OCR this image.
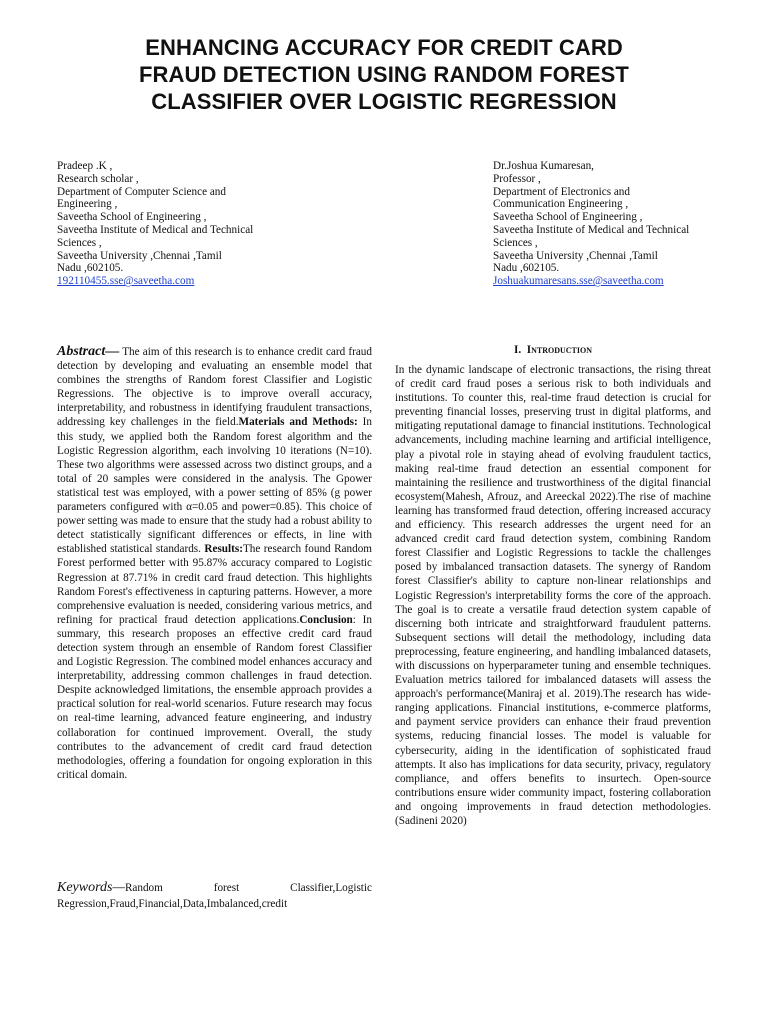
ENHANCING ACCURACY FOR CREDIT CARD
FRAUD DETECTION USING RANDOM FOREST
CLASSIFIER OVER LOGISTIC REGRESSION
Pradeep .K ,
Research scholar ,
Department of Computer Science and
Engineering ,
Saveetha School of Engineering ,
Saveetha Institute of Medical and Technical
Sciences ,
Saveetha University ,Chennai ,Tamil
Nadu ,602105.
192110455.sse@saveetha.com
Dr.Joshua Kumaresan,
Professor ,
Department of Electronics and
Communication Engineering ,
Saveetha School of Engineering ,
Saveetha Institute of Medical and Technical
Sciences ,
Saveetha University ,Chennai ,Tamil
Nadu ,602105.
Joshuakumaresans.sse@saveetha.com

Abstract— The aim of this research is to enhance credit card fraud detection by developing and evaluating an ensemble model that combines the strengths of Random forest Classifier and Logistic Regressions. The objective is to improve overall accuracy, interpretability, and robustness in identifying fraudulent transactions, addressing key challenges in the field.Materials and Methods: In this study, we applied both the Random forest algorithm and the Logistic Regression algorithm, each involving 10 iterations (N=10). These two algorithms were assessed across two distinct groups, and a total of 20 samples were considered in the analysis. The Gpower statistical test was employed, with a power setting of 85% (g power parameters configured with α=0.05 and power=0.85). This choice of power setting was made to ensure that the study had a robust ability to detect statistically significant differences or effects, in line with established statistical standards. Results:The research found Random Forest performed better with 95.87% accuracy compared to Logistic Regression at 87.71% in credit card fraud detection. This highlights Random Forest's effectiveness in capturing patterns. However, a more comprehensive evaluation is needed, considering various metrics, and refining for practical fraud detection applications.Conclusion: In summary, this research proposes an effective credit card fraud detection system through an ensemble of Random forest Classifier and Logistic Regression. The combined model enhances accuracy and interpretability, addressing common challenges in fraud detection. Despite acknowledged limitations, the ensemble approach provides a practical solution for real-world scenarios. Future research may focus on real-time learning, advanced feature engineering, and industry collaboration for continued improvement. Overall, the study contributes to the advancement of credit card fraud detection methodologies, offering a foundation for ongoing exploration in this critical domain.

Keywords—Random forest Classifier,Logistic Regression,Fraud,Financial,Data,Imbalanced,credit

I. Introduction

In the dynamic landscape of electronic transactions, the rising threat of credit card fraud poses a serious risk to both individuals and institutions. To counter this, real-time fraud detection is crucial for preventing financial losses, preserving trust in digital platforms, and mitigating reputational damage to financial institutions. Technological advancements, including machine learning and artificial intelligence, play a pivotal role in staying ahead of evolving fraudulent tactics, making real-time fraud detection an essential component for maintaining the resilience and trustworthiness of the digital financial ecosystem(Mahesh, Afrouz, and Areeckal 2022).The rise of machine learning has transformed fraud detection, offering increased accuracy and efficiency. This research addresses the urgent need for an advanced credit card fraud detection system, combining Random forest Classifier and Logistic Regressions to tackle the challenges posed by imbalanced transaction datasets. The synergy of Random forest Classifier's ability to capture non-linear relationships and Logistic Regression's interpretability forms the core of the approach. The goal is to create a versatile fraud detection system capable of discerning both intricate and straightforward fraudulent patterns. Subsequent sections will detail the methodology, including data preprocessing, feature engineering, and handling imbalanced datasets, with discussions on hyperparameter tuning and ensemble techniques. Evaluation metrics tailored for imbalanced datasets will assess the approach's performance(Maniraj et al. 2019).The research has wide-ranging applications. Financial institutions, e-commerce platforms, and payment service providers can enhance their fraud prevention systems, reducing financial losses. The model is valuable for cybersecurity, aiding in the identification of sophisticated fraud attempts. It also has implications for data security, privacy, regulatory compliance, and offers benefits to insurtech. Open-source contributions ensure wider community impact, fostering collaboration and ongoing improvements in fraud detection methodologies.(Sadineni 2020)
